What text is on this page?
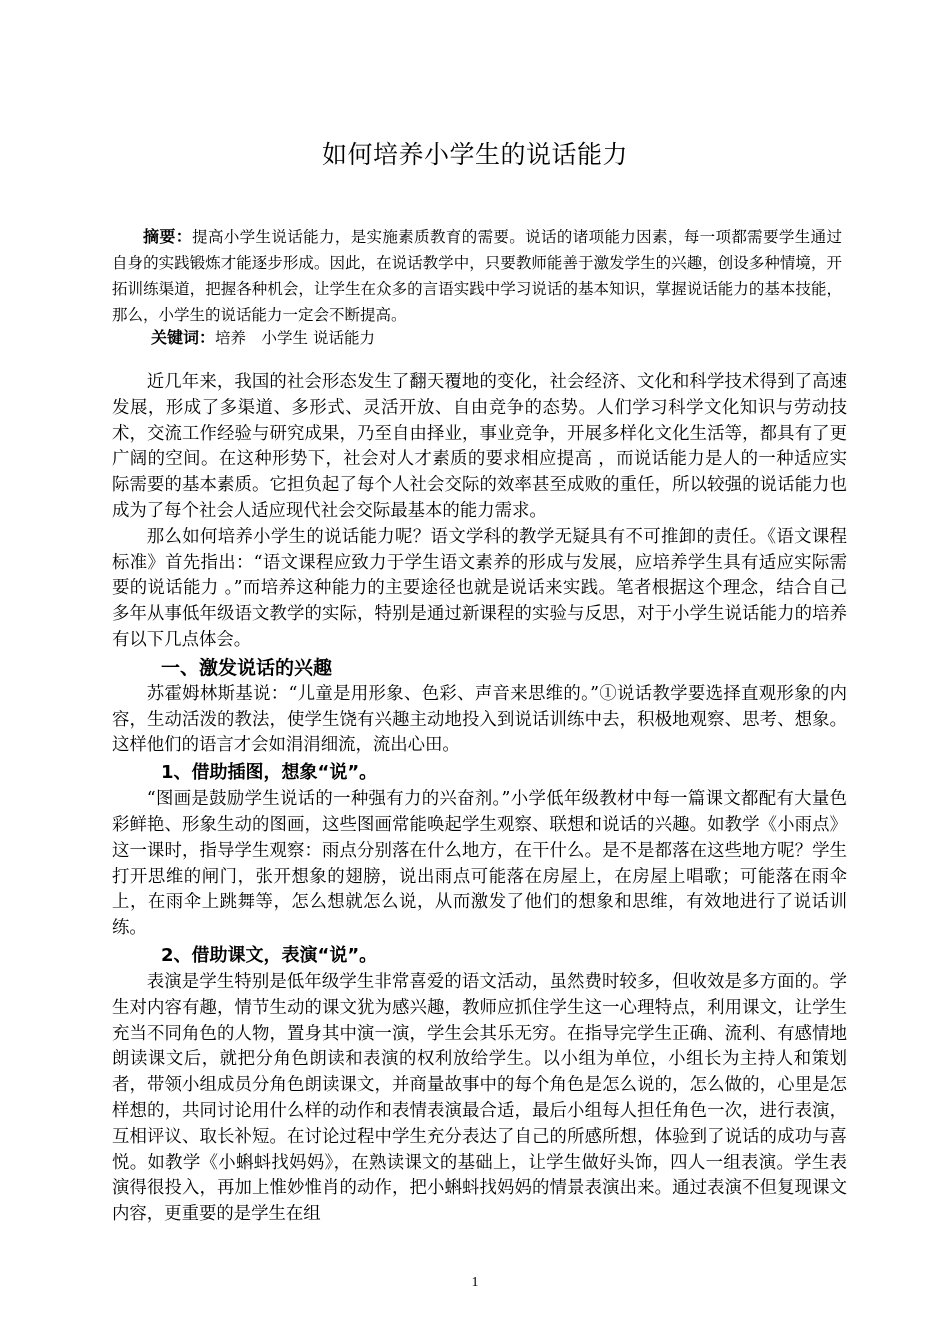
如何培养小学生的说话能力
摘要：提高小学生说话能力，是实施素质教育的需要。说话的诸项能力因素，每一项都需要学生通过自身的实践锻炼才能逐步形成。因此，在说话教学中，只要教师能善于激发学生的兴趣，创设多种情境，开拓训练渠道，把握各种机会，让学生在众多的言语实践中学习说话的基本知识，掌握说话能力的基本技能，那么，小学生的说话能力一定会不断提高。
关键词：培养　小学生 说话能力

近几年来，我国的社会形态发生了翻天覆地的变化，社会经济、文化和科学技术得到了高速发展，形成了多渠道、多形式、灵活开放、自由竞争的态势。人们学习科学文化知识与劳动技术，交流工作经验与研究成果，乃至自由择业，事业竞争，开展多样化文化生活等，都具有了更广阔的空间。在这种形势下，社会对人才素质的要求相应提高 ，而说话能力是人的一种适应实际需要的基本素质。它担负起了每个人社会交际的效率甚至成败的重任，所以较强的说话能力也成为了每个社会人适应现代社会交际最基本的能力需求。

那么如何培养小学生的说话能力呢？语文学科的教学无疑具有不可推卸的责任。《语文课程标准》首先指出：“语文课程应致力于学生语文素养的形成与发展，应培养学生具有适应实际需要的说话能力 。”而培养这种能力的主要途径也就是说话来实践。笔者根据这个理念，结合自己多年从事低年级语文教学的实际，特别是通过新课程的实验与反思，对于小学生说话能力的培养有以下几点体会。

一、激发说话的兴趣

苏霍姆林斯基说：“儿童是用形象、色彩、声音来思维的。”①说话教学要选择直观形象的内容，生动活泼的教法，使学生饶有兴趣主动地投入到说话训练中去，积极地观察、思考、想象。这样他们的语言才会如涓涓细流，流出心田。

1、借助插图，想象“说”。

“图画是鼓励学生说话的一种强有力的兴奋剂。”小学低年级教材中每一篇课文都配有大量色彩鲜艳、形象生动的图画，这些图画常能唤起学生观察、联想和说话的兴趣。如教学《小雨点》这一课时，指导学生观察：雨点分别落在什么地方，在干什么。是不是都落在这些地方呢？学生打开思维的闸门，张开想象的翅膀，说出雨点可能落在房屋上，在房屋上唱歌；可能落在雨伞上，在雨伞上跳舞等，怎么想就怎么说，从而激发了他们的想象和思维，有效地进行了说话训练。

2、借助课文，表演“说”。

表演是学生特别是低年级学生非常喜爱的语文活动，虽然费时较多，但收效是多方面的。学生对内容有趣，情节生动的课文犹为感兴趣，教师应抓住学生这一心理特点，利用课文，让学生充当不同角色的人物，置身其中演一演，学生会其乐无穷。在指导完学生正确、流利、有感情地朗读课文后，就把分角色朗读和表演的权利放给学生。以小组为单位，小组长为主持人和策划者，带领小组成员分角色朗读课文，并商量故事中的每个角色是怎么说的，怎么做的，心里是怎样想的，共同讨论用什么样的动作和表情表演最合适，最后小组每人担任角色一次，进行表演，互相评议、取长补短。在讨论过程中学生充分表达了自己的所感所想，体验到了说话的成功与喜悦。如教学《小蝌蚪找妈妈》，在熟读课文的基础上，让学生做好头饰，四人一组表演。学生表演得很投入，再加上惟妙惟肖的动作，把小蝌蚪找妈妈的情景表演出来。通过表演不但复现课文内容，更重要的是学生在组

1
